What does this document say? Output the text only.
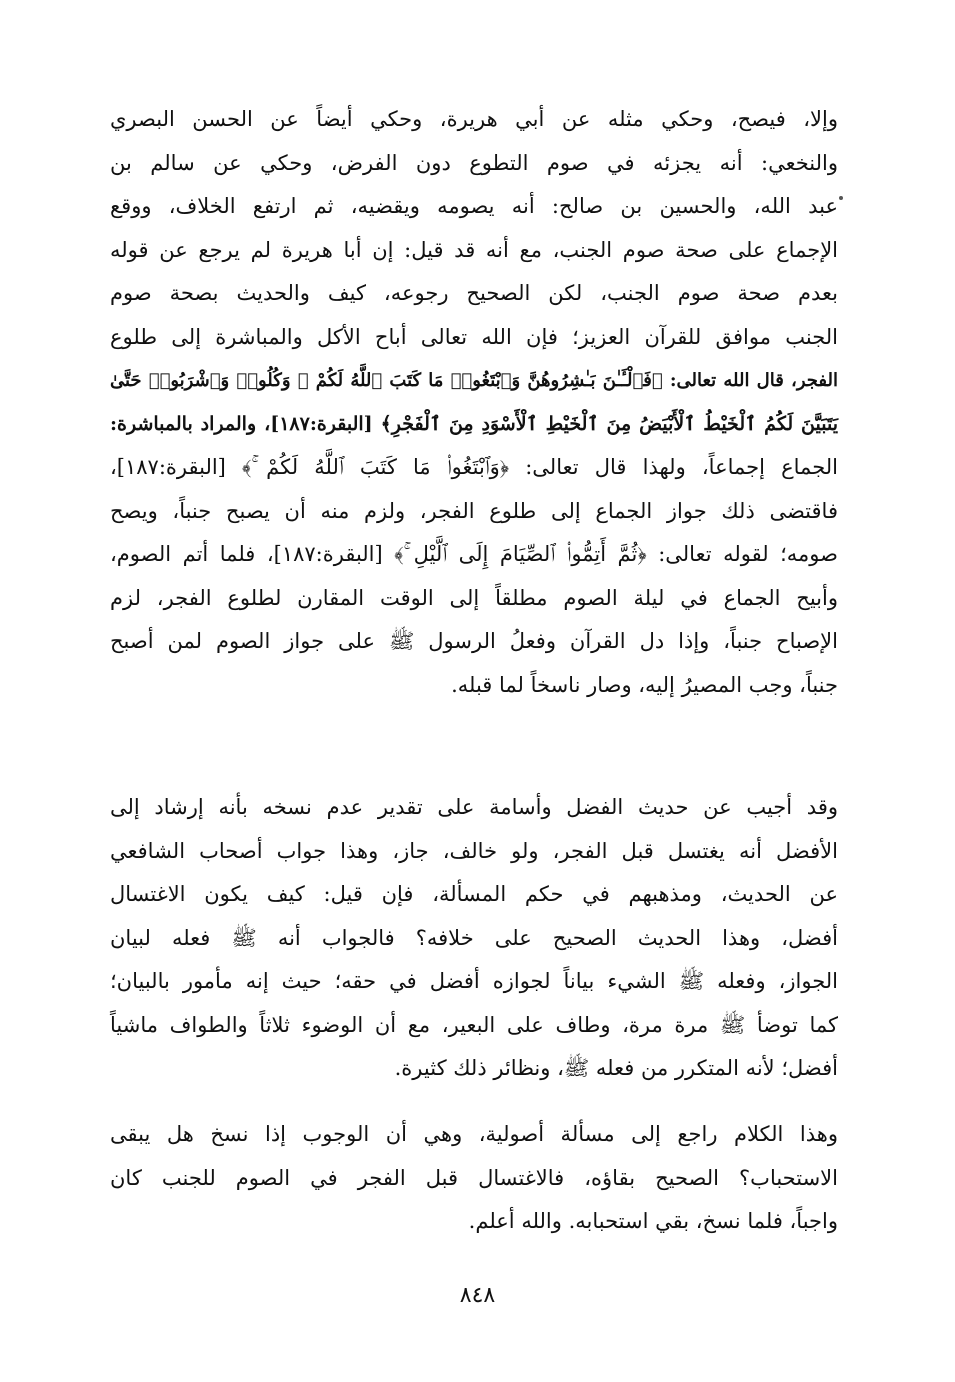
وإلا، فيصح، وحكي مثله عن أبي هريرة، وحكي أيضاً عن الحسن البصري
والنخعي: أنه يجزئه في صوم التطوع دون الفرض، وحكي عن سالم بن
عبد الله، والحسين بن صالح: أنه يصومه ويقضيه، ثم ارتفع الخلاف، ووقع
الإجماع على صحة صوم الجنب، مع أنه قد قيل: إن أبا هريرة لم يرجع عن قوله
بعدم صحة صوم الجنب، لكن الصحيح رجوعه، كيف والحديث بصحة صوم
الجنب موافق للقرآن العزيز؛ فإن الله تعالى أباح الأكل والمباشرة إلى طلوع
الفجر، قال الله تعالى: ﴿فَٱلْـَٔـٰنَ بَـٰشِرُوهُنَّ وَٱبْتَغُوا۟ مَا كَتَبَ ٱللَّهُ لَكُمْ ۚ وَكُلُوا۟ وَٱشْرَبُوا۟ حَتَّىٰ
يَتَبَيَّنَ لَكُمُ ٱلْخَيْطُ ٱلْأَبْيَضُ مِنَ ٱلْخَيْطِ ٱلْأَسْوَدِ مِنَ ٱلْفَجْرِ﴾ [البقرة:١٨٧]، والمراد بالمباشرة:
الجماع إجماعاً، ولهذا قال تعالى: ﴿وَٱبْتَغُوا۟ مَا كَتَبَ ٱللَّهُ لَكُمْ ۚ﴾ [البقرة:١٨٧]،
فاقتضى ذلك جواز الجماع إلى طلوع الفجر، ولزم منه أن يصبح جنباً، ويصح
صومه؛ لقوله تعالى: ﴿ثُمَّ أَتِمُّوا۟ ٱلصِّيَامَ إِلَى ٱلَّيْلِ ۚ﴾ [البقرة:١٨٧]، فلما أتم الصوم،
وأبيح الجماع في ليلة الصوم مطلقاً إلى الوقت المقارن لطلوع الفجر، لزم
الإصباح جنباً، وإذا دل القرآن وفعلُ الرسول ﷺ على جواز الصوم لمن أصبح
جنباً، وجب المصيرُ إليه، وصار ناسخاً لما قبله.
وقد أجيب عن حديث الفضل وأسامة على تقدير عدم نسخه بأنه إرشاد إلى
الأفضل أنه يغتسل قبل الفجر، ولو خالف، جاز، وهذا جواب أصحاب الشافعي
عن الحديث، ومذهبهم في حكم المسألة، فإن قيل: كيف يكون الاغتسال
أفضل، وهذا الحديث الصحيح على خلافه؟ فالجواب أنه ﷺ فعله لبيان
الجواز، وفعله ﷺ الشيء بياناً لجوازه أفضل في حقه؛ حيث إنه مأمور بالبيان؛
كما توضأ ﷺ مرة مرة، وطاف على البعير، مع أن الوضوء ثلاثاً والطواف ماشياً
أفضل؛ لأنه المتكرر من فعله ﷺ، ونظائر ذلك كثيرة.
وهذا الكلام راجع إلى مسألة أصولية، وهي أن الوجوب إذا نسخ هل يبقى
الاستحباب؟ الصحيح بقاؤه، فالاغتسال قبل الفجر في الصوم للجنب كان
واجباً، فلما نسخ، بقي استحبابه. والله أعلم.
٨٤٨
